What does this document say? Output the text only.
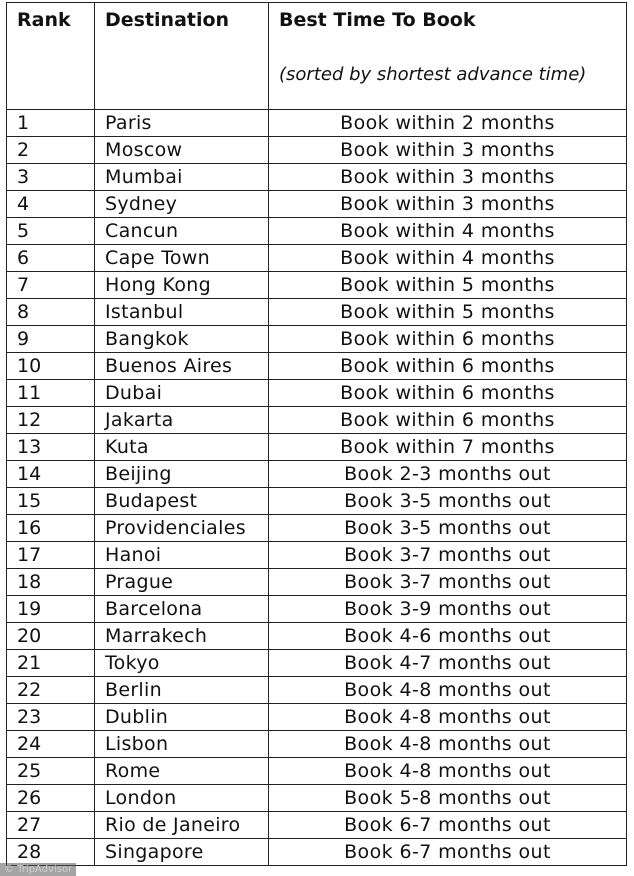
Rank	Destination	Best Time To Book
(sorted by shortest advance time)

1	Paris	Book within 2 months
2	Moscow	Book within 3 months
3	Mumbai	Book within 3 months
4	Sydney	Book within 3 months
5	Cancun	Book within 4 months
6	Cape Town	Book within 4 months
7	Hong Kong	Book within 5 months
8	Istanbul	Book within 5 months
9	Bangkok	Book within 6 months
10	Buenos Aires	Book within 6 months
11	Dubai	Book within 6 months
12	Jakarta	Book within 6 months
13	Kuta	Book within 7 months
14	Beijing	Book 2-3 months out
15	Budapest	Book 3-5 months out
16	Providenciales	Book 3-5 months out
17	Hanoi	Book 3-7 months out
18	Prague	Book 3-7 months out
19	Barcelona	Book 3-9 months out
20	Marrakech	Book 4-6 months out
21	Tokyo	Book 4-7 months out
22	Berlin	Book 4-8 months out
23	Dublin	Book 4-8 months out
24	Lisbon	Book 4-8 months out
25	Rome	Book 4-8 months out
26	London	Book 5-8 months out
27	Rio de Janeiro	Book 6-7 months out
28	Singapore	Book 6-7 months out
© TripAdvisor
